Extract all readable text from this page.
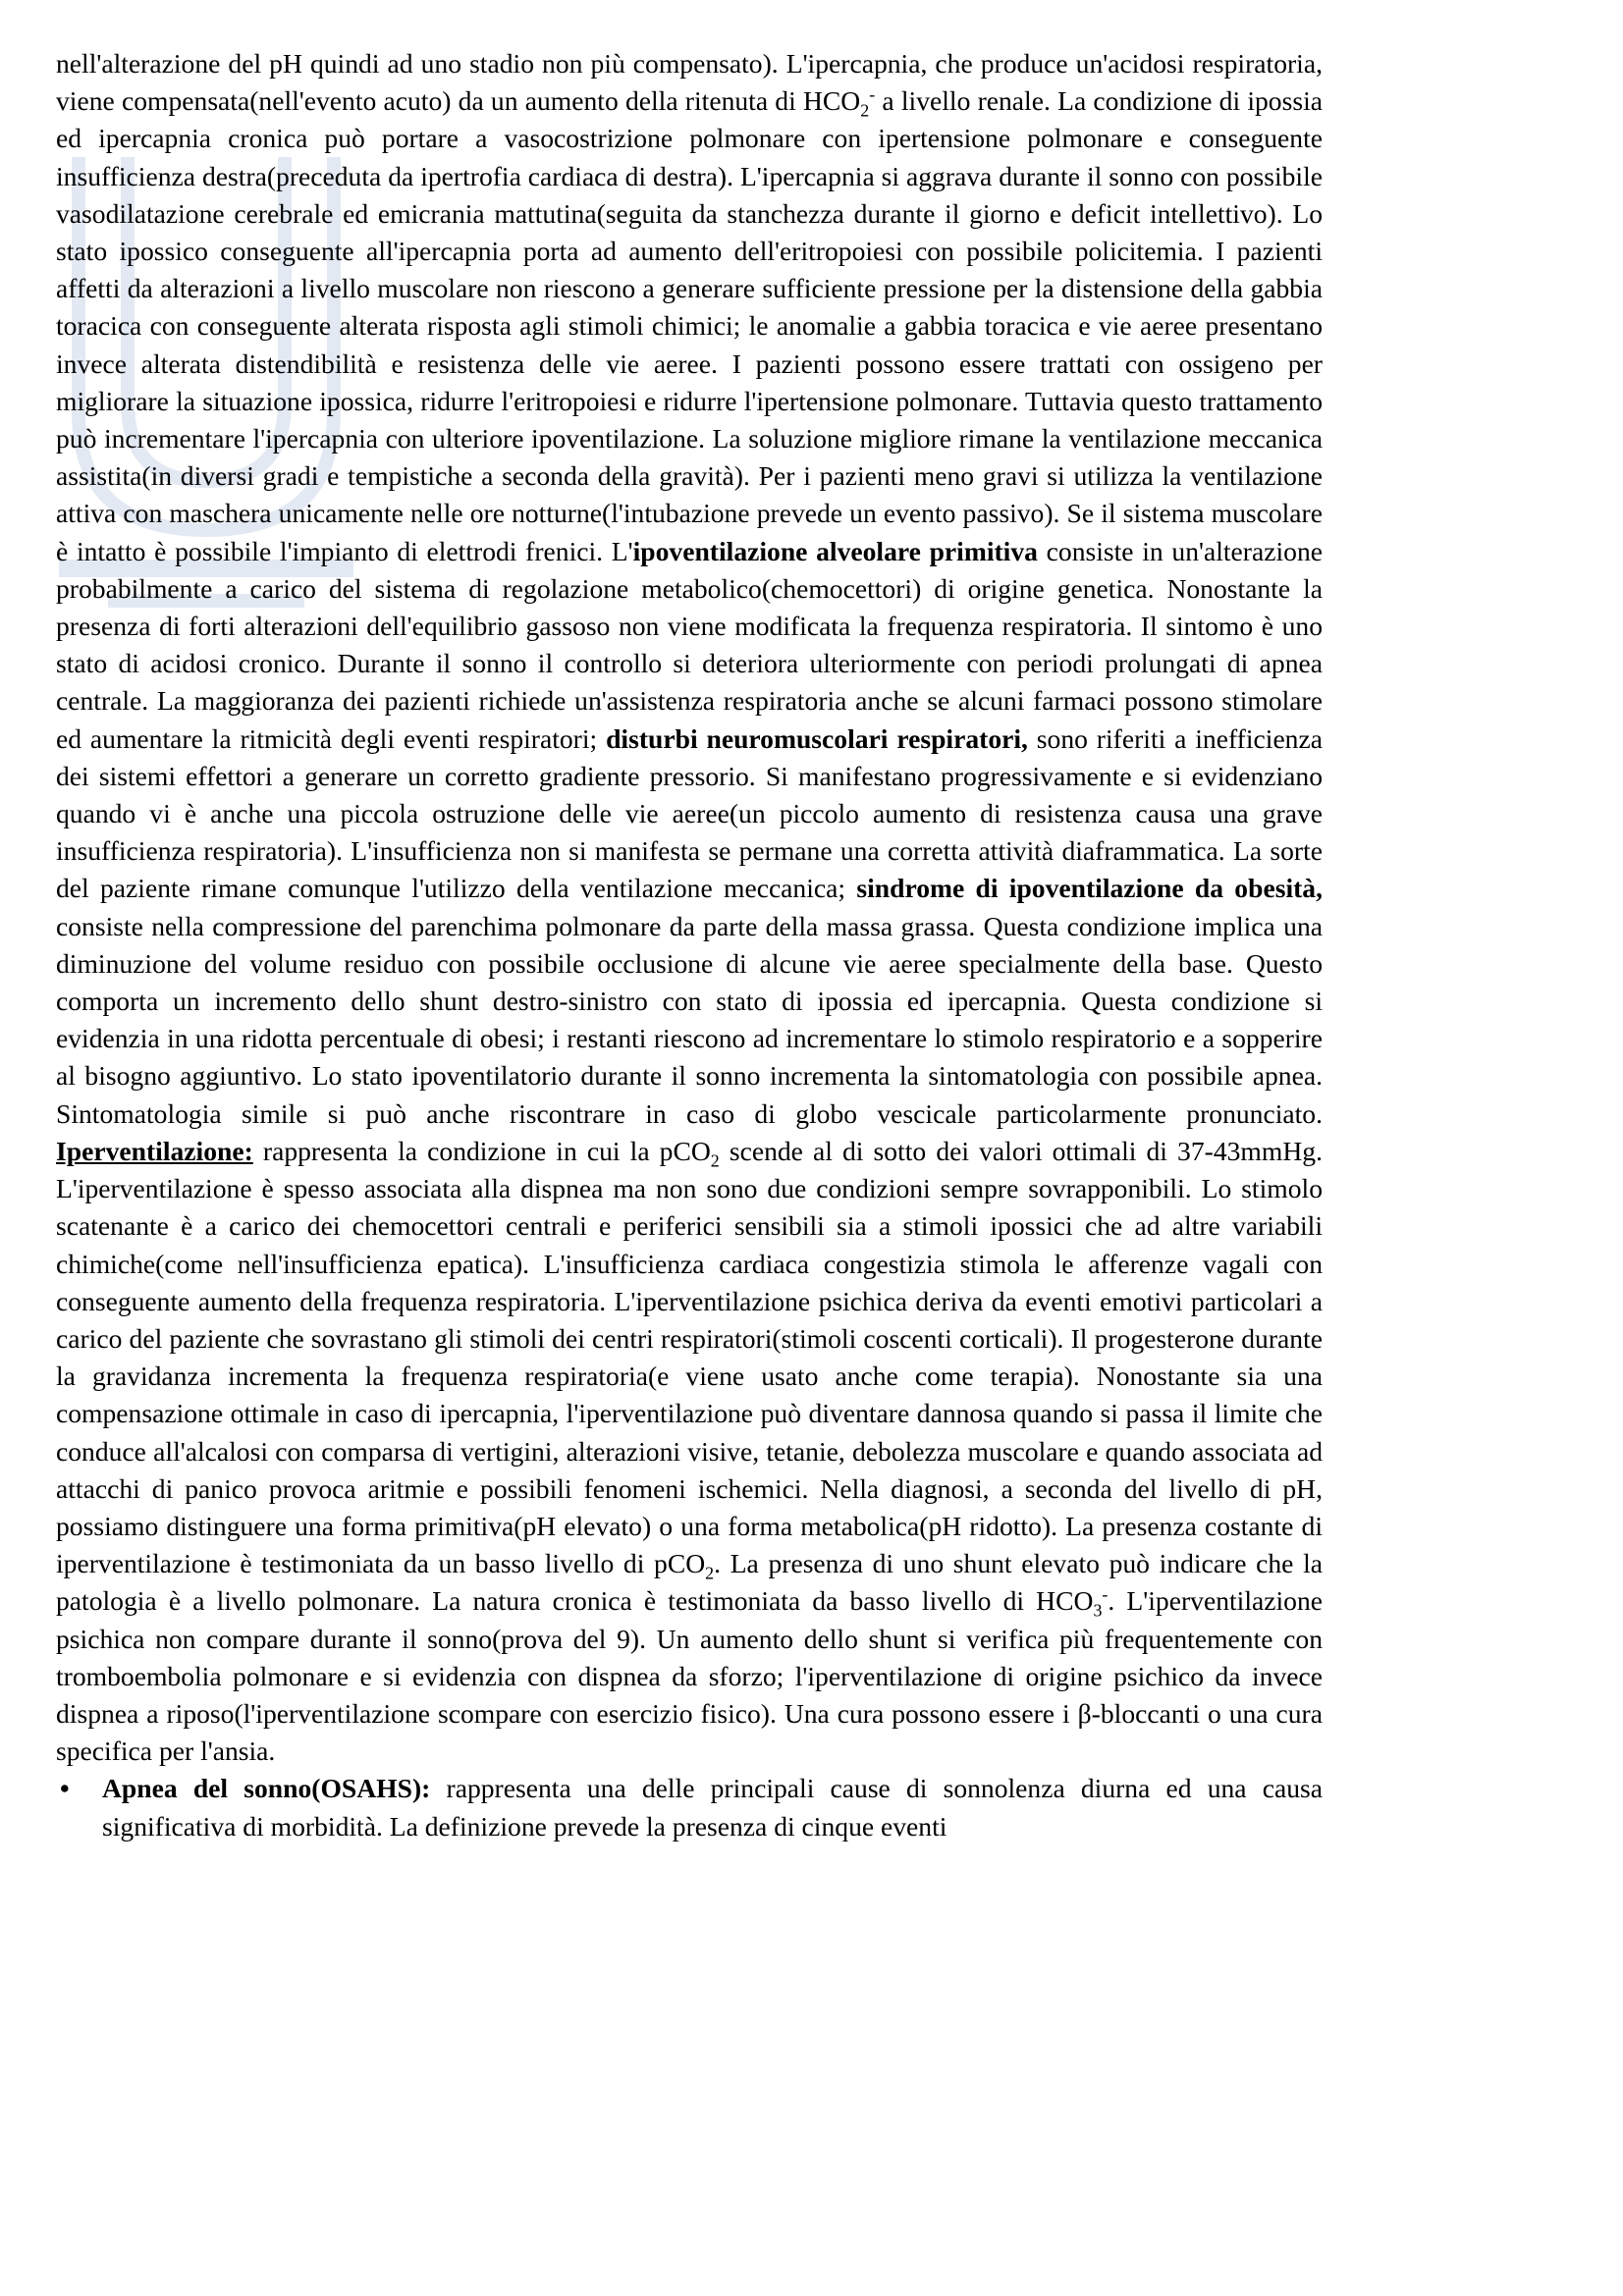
nell'alterazione del pH quindi ad uno stadio non più compensato). L'ipercapnia, che produce un'acidosi respiratoria, viene compensata(nell'evento acuto) da un aumento della ritenuta di $HCO_2^-$ a livello renale. La condizione di ipossia ed ipercapnia cronica può portare a vasocostrizione polmonare con ipertensione polmonare e conseguente insufficienza destra(preceduta da ipertrofia cardiaca di destra). L'ipercapnia si aggrava durante il sonno con possibile vasodilatazione cerebrale ed emicrania mattutina(seguita da stanchezza durante il giorno e deficit intellettivo). Lo stato ipossico conseguente all'ipercapnia porta ad aumento dell'eritropoiesi con possibile policitemia. I pazienti affetti da alterazioni a livello muscolare non riescono a generare sufficiente pressione per la distensione della gabbia toracica con conseguente alterata risposta agli stimoli chimici; le anomalie a gabbia toracica e vie aeree presentano invece alterata distendibilità e resistenza delle vie aeree. I pazienti possono essere trattati con ossigeno per migliorare la situazione ipossica, ridurre l'eritropoiesi e ridurre l'ipertensione polmonare. Tuttavia questo trattamento può incrementare l'ipercapnia con ulteriore ipoventilazione. La soluzione migliore rimane la ventilazione meccanica assistita(in diversi gradi e tempistiche a seconda della gravità). Per i pazienti meno gravi si utilizza la ventilazione attiva con maschera unicamente nelle ore notturne(l'intubazione prevede un evento passivo). Se il sistema muscolare è intatto è possibile l'impianto di elettrodi frenici. L'ipoventilazione alveolare primitiva consiste in un'alterazione probabilmente a carico del sistema di regolazione metabolico(chemocettori) di origine genetica. Nonostante la presenza di forti alterazioni dell'equilibrio gassoso non viene modificata la frequenza respiratoria. Il sintomo è uno stato di acidosi cronico. Durante il sonno il controllo si deteriora ulteriormente con periodi prolungati di apnea centrale. La maggioranza dei pazienti richiede un'assistenza respiratoria anche se alcuni farmaci possono stimolare ed aumentare la ritmicità degli eventi respiratori; disturbi neuromuscolari respiratori, sono riferiti a inefficienza dei sistemi effettori a generare un corretto gradiente pressorio. Si manifestano progressivamente e si evidenziano quando vi è anche una piccola ostruzione delle vie aeree(un piccolo aumento di resistenza causa una grave insufficienza respiratoria). L'insufficienza non si manifesta se permane una corretta attività diaframmatica. La sorte del paziente rimane comunque l'utilizzo della ventilazione meccanica; sindrome di ipoventilazione da obesità, consiste nella compressione del parenchima polmonare da parte della massa grassa. Questa condizione implica una diminuzione del volume residuo con possibile occlusione di alcune vie aeree specialmente della base. Questo comporta un incremento dello shunt destro-sinistro con stato di ipossia ed ipercapnia. Questa condizione si evidenzia in una ridotta percentuale di obesi; i restanti riescono ad incrementare lo stimolo respiratorio e a sopperire al bisogno aggiuntivo. Lo stato ipoventilatorio durante il sonno incrementa la sintomatologia con possibile apnea. Sintomatologia simile si può anche riscontrare in caso di globo vescicale particolarmente pronunciato. Iperventilazione: rappresenta la condizione in cui la pCO$_2$ scende al di sotto dei valori ottimali di 37-43mmHg. L'iperventilazione è spesso associata alla dispnea ma non sono due condizioni sempre sovrapponibili. Lo stimolo scatenante è a carico dei chemocettori centrali e periferici sensibili sia a stimoli ipossici che ad altre variabili chimiche(come nell'insufficienza epatica). L'insufficienza cardiaca congestizia stimola le afferenze vagali con conseguente aumento della frequenza respiratoria. L'iperventilazione psichica deriva da eventi emotivi particolari a carico del paziente che sovrastano gli stimoli dei centri respiratori(stimoli coscenti corticali). Il progesterone durante la gravidanza incrementa la frequenza respiratoria(e viene usato anche come terapia). Nonostante sia una compensazione ottimale in caso di ipercapnia, l'iperventilazione può diventare dannosa quando si passa il limite che conduce all'alcalosi con comparsa di vertigini, alterazioni visive, tetanie, debolezza muscolare e quando associata ad attacchi di panico provoca aritmie e possibili fenomeni ischemici. Nella diagnosi, a seconda del livello di pH, possiamo distinguere una forma primitiva(pH elevato) o una forma metabolica(pH ridotto). La presenza costante di iperventilazione è testimoniata da un basso livello di pCO$_2$. La presenza di uno shunt elevato può indicare che la patologia è a livello polmonare. La natura cronica è testimoniata da basso livello di $HCO_3^-$. L'iperventilazione psichica non compare durante il sonno(prova del 9). Un aumento dello shunt si verifica più frequentemente con tromboembolia polmonare e si evidenzia con dispnea da sforzo; l'iperventilazione di origine psichico da invece dispnea a riposo(l'iperventilazione scompare con esercizio fisico). Una cura possono essere i β-bloccanti o una cura specifica per l'ansia.

• Apnea del sonno(OSAHS): rappresenta una delle principali cause di sonnolenza diurna ed una causa significativa di morbidità. La definizione prevede la presenza di cinque eventi
